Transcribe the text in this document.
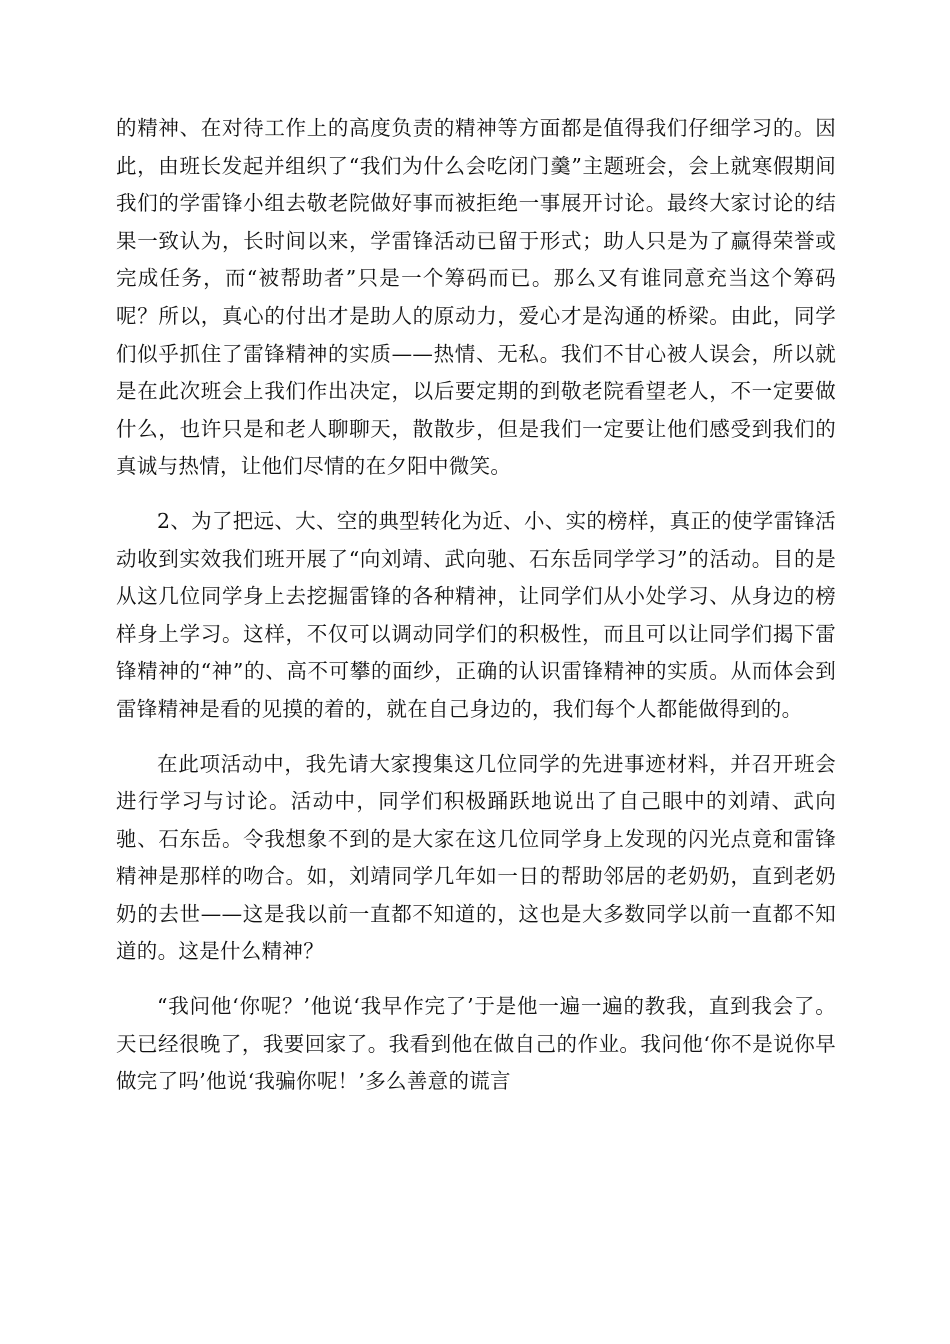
的精神、在对待工作上的高度负责的精神等方面都是值得我们仔细学习的。因此，由班长发起并组织了“我们为什么会吃闭门羹”主题班会，会上就寒假期间我们的学雷锋小组去敬老院做好事而被拒绝一事展开讨论。最终大家讨论的结果一致认为，长时间以来，学雷锋活动已留于形式；助人只是为了赢得荣誉或完成任务，而“被帮助者”只是一个筹码而已。那么又有谁同意充当这个筹码呢？所以，真心的付出才是助人的原动力，爱心才是沟通的桥梁。由此，同学们似乎抓住了雷锋精神的实质——热情、无私。我们不甘心被人误会，所以就是在此次班会上我们作出决定，以后要定期的到敬老院看望老人，不一定要做什么，也许只是和老人聊聊天，散散步，但是我们一定要让他们感受到我们的真诚与热情，让他们尽情的在夕阳中微笑。

2、为了把远、大、空的典型转化为近、小、实的榜样，真正的使学雷锋活动收到实效我们班开展了“向刘靖、武向驰、石东岳同学学习”的活动。目的是从这几位同学身上去挖掘雷锋的各种精神，让同学们从小处学习、从身边的榜样身上学习。这样，不仅可以调动同学们的积极性，而且可以让同学们揭下雷锋精神的“神”的、高不可攀的面纱，正确的认识雷锋精神的实质。从而体会到雷锋精神是看的见摸的着的，就在自己身边的，我们每个人都能做得到的。

在此项活动中，我先请大家搜集这几位同学的先进事迹材料，并召开班会进行学习与讨论。活动中，同学们积极踊跃地说出了自己眼中的刘靖、武向驰、石东岳。令我想象不到的是大家在这几位同学身上发现的闪光点竟和雷锋精神是那样的吻合。如，刘靖同学几年如一日的帮助邻居的老奶奶，直到老奶奶的去世——这是我以前一直都不知道的，这也是大多数同学以前一直都不知道的。这是什么精神？

“我问他‘你呢？’他说‘我早作完了’于是他一遍一遍的教我，直到我会了。天已经很晚了，我要回家了。我看到他在做自己的作业。我问他‘你不是说你早做完了吗’他说‘我骗你呢！’多么善意的谎言
